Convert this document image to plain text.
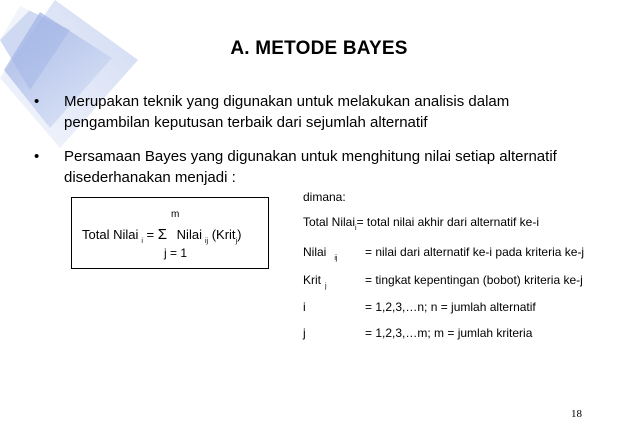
A. METODE BAYES
• Merupakan teknik yang digunakan untuk melakukan analisis dalam
pengambilan keputusan terbaik dari sejumlah alternatif
• Persamaan Bayes yang digunakan untuk menghitung nilai setiap alternatif
disederhanakan menjadi :
m
Total Nilai $_i$ = Σ Nilai $_{ij}$ (Krit$_j$)
j = 1
dimana:
Total Nilai$_i$= total nilai akhir dari alternatif ke-i
Nilai $_{ij}$ = nilai dari alternatif ke-i pada kriteria ke-j
Krit $_j$	= tingkat kepentingan (bobot) kriteria ke-j
i	= 1,2,3,…n; n = jumlah alternatif
j	= 1,2,3,…m; m = jumlah kriteria
18
